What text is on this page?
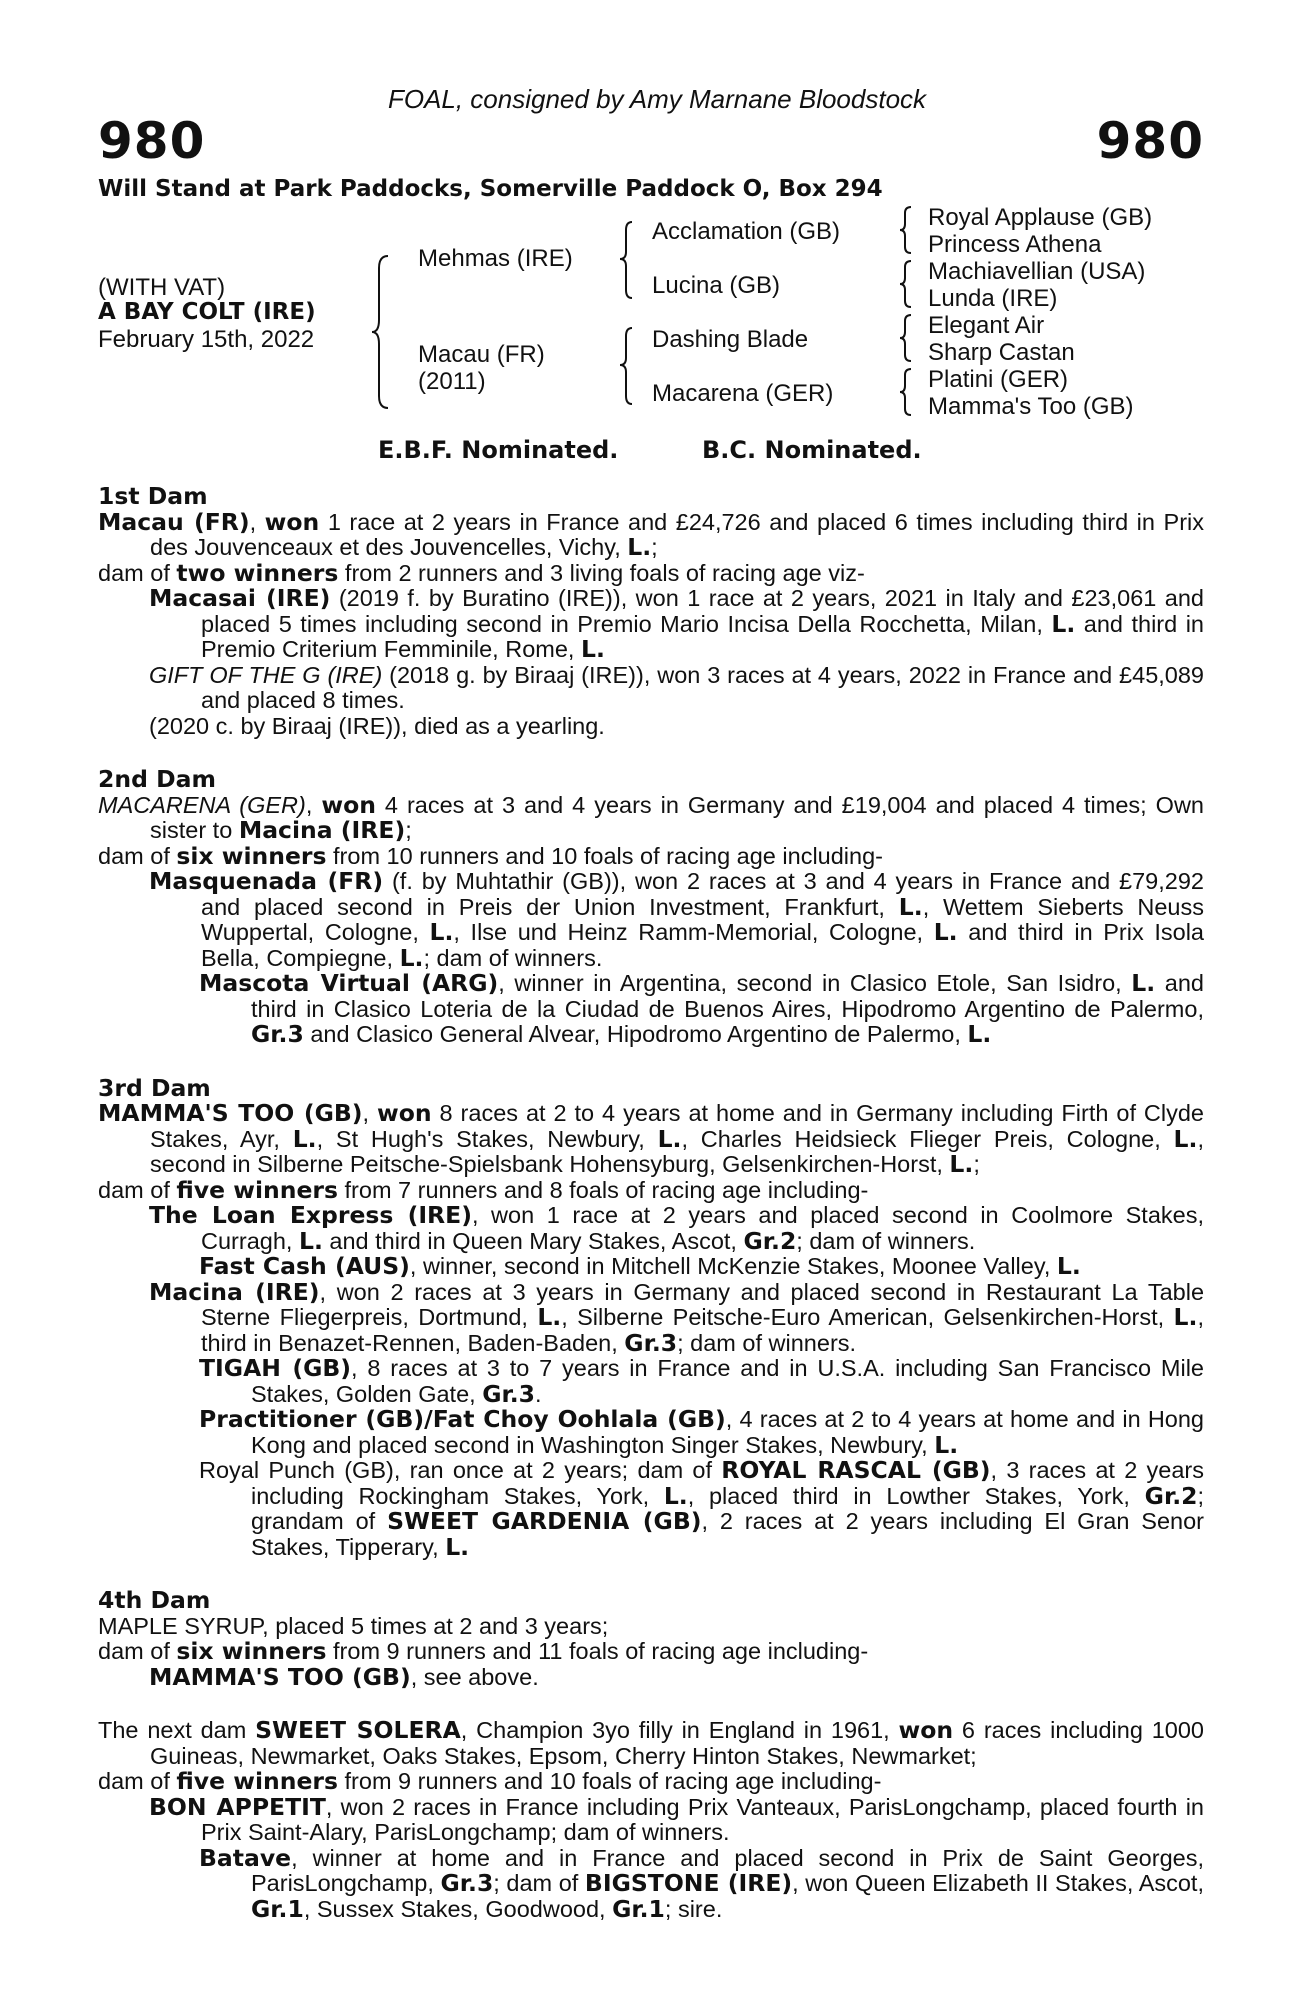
FOAL, consigned by Amy Marnane Bloodstock
980	980
Will Stand at Park Paddocks, Somerville Paddock O, Box 294
(WITH VAT)
A BAY COLT (IRE)
February 15th, 2022
Mehmas (IRE)
Macau (FR)
(2011)
Acclamation (GB)
Lucina (GB)
Dashing Blade
Macarena (GER)
Royal Applause (GB)
Princess Athena
Machiavellian (USA)
Lunda (IRE)
Elegant Air
Sharp Castan
Platini (GER)
Mamma's Too (GB)
E.B.F. Nominated.	B.C. Nominated.
1st Dam
Macau (FR), won 1 race at 2 years in France and £24,726 and placed 6 times including third in Prix des Jouvenceaux et des Jouvencelles, Vichy, L.;
dam of two winners from 2 runners and 3 living foals of racing age viz-
Macasai (IRE) (2019 f. by Buratino (IRE)), won 1 race at 2 years, 2021 in Italy and £23,061 and placed 5 times including second in Premio Mario Incisa Della Rocchetta, Milan, L. and third in Premio Criterium Femminile, Rome, L.
GIFT OF THE G (IRE) (2018 g. by Biraaj (IRE)), won 3 races at 4 years, 2022 in France and £45,089 and placed 8 times.
(2020 c. by Biraaj (IRE)), died as a yearling.
2nd Dam
MACARENA (GER), won 4 races at 3 and 4 years in Germany and £19,004 and placed 4 times; Own sister to Macina (IRE);
dam of six winners from 10 runners and 10 foals of racing age including-
Masquenada (FR) (f. by Muhtathir (GB)), won 2 races at 3 and 4 years in France and £79,292 and placed second in Preis der Union Investment, Frankfurt, L., Wettem Sieberts Neuss Wuppertal, Cologne, L., Ilse und Heinz Ramm-Memorial, Cologne, L. and third in Prix Isola Bella, Compiegne, L.; dam of winners.
Mascota Virtual (ARG), winner in Argentina, second in Clasico Etole, San Isidro, L. and third in Clasico Loteria de la Ciudad de Buenos Aires, Hipodromo Argentino de Palermo, Gr.3 and Clasico General Alvear, Hipodromo Argentino de Palermo, L.
3rd Dam
MAMMA'S TOO (GB), won 8 races at 2 to 4 years at home and in Germany including Firth of Clyde Stakes, Ayr, L., St Hugh's Stakes, Newbury, L., Charles Heidsieck Flieger Preis, Cologne, L., second in Silberne Peitsche-Spielsbank Hohensyburg, Gelsenkirchen-Horst, L.;
dam of five winners from 7 runners and 8 foals of racing age including-
The Loan Express (IRE), won 1 race at 2 years and placed second in Coolmore Stakes, Curragh, L. and third in Queen Mary Stakes, Ascot, Gr.2; dam of winners.
Fast Cash (AUS), winner, second in Mitchell McKenzie Stakes, Moonee Valley, L.
Macina (IRE), won 2 races at 3 years in Germany and placed second in Restaurant La Table Sterne Fliegerpreis, Dortmund, L., Silberne Peitsche-Euro American, Gelsenkirchen-Horst, L., third in Benazet-Rennen, Baden-Baden, Gr.3; dam of winners.
TIGAH (GB), 8 races at 3 to 7 years in France and in U.S.A. including San Francisco Mile Stakes, Golden Gate, Gr.3.
Practitioner (GB)/Fat Choy Oohlala (GB), 4 races at 2 to 4 years at home and in Hong Kong and placed second in Washington Singer Stakes, Newbury, L.
Royal Punch (GB), ran once at 2 years; dam of ROYAL RASCAL (GB), 3 races at 2 years including Rockingham Stakes, York, L., placed third in Lowther Stakes, York, Gr.2; grandam of SWEET GARDENIA (GB), 2 races at 2 years including El Gran Senor Stakes, Tipperary, L.
4th Dam
MAPLE SYRUP, placed 5 times at 2 and 3 years;
dam of six winners from 9 runners and 11 foals of racing age including-
MAMMA'S TOO (GB), see above.
The next dam SWEET SOLERA, Champion 3yo filly in England in 1961, won 6 races including 1000 Guineas, Newmarket, Oaks Stakes, Epsom, Cherry Hinton Stakes, Newmarket;
dam of five winners from 9 runners and 10 foals of racing age including-
BON APPETIT, won 2 races in France including Prix Vanteaux, ParisLongchamp, placed fourth in Prix Saint-Alary, ParisLongchamp; dam of winners.
Batave, winner at home and in France and placed second in Prix de Saint Georges, ParisLongchamp, Gr.3; dam of BIGSTONE (IRE), won Queen Elizabeth II Stakes, Ascot, Gr.1, Sussex Stakes, Goodwood, Gr.1; sire.
